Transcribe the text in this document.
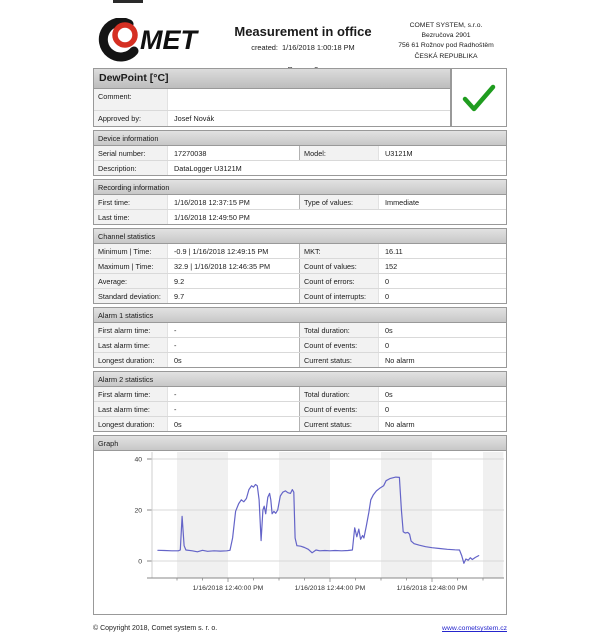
MET	Measurement in office
created: 1/16/2018 1:00:18 PM
COMET SYSTEM, s.r.o.
Bezručova 2901
756 61 Rožnov pod Radhoštěm
ČESKÁ REPUBLIKA
DewPoint [°C]
Comment:
Approved by:	Josef Novák
Device information
Serial number:	17270038	Model:	U3121M
Description:	DataLogger U3121M
Recording information
First time:	1/16/2018 12:37:15 PM	Type of values:	Immediate
Last time:	1/16/2018 12:49:50 PM
Channel statistics
Minimum | Time:	-0.9 | 1/16/2018 12:49:15 PM	MKT:	16.11
Maximum | Time:	32.9 | 1/16/2018 12:46:35 PM	Count of values:	152
Average:	9.2	Count of errors:	0
Standard deviation:	9.7	Count of interrupts:	0
Alarm 1 statistics
First alarm time:	-	Total duration:	0s
Last alarm time:	-	Count of events:	0
Longest duration:	0s	Current status:	No alarm
Alarm 2 statistics
First alarm time:	-	Total duration:	0s
Last alarm time:	-	Count of events:	0
Longest duration:	0s	Current status:	No alarm
Graph
0
20
40
1/16/2018 12:40:00 PM	1/16/2018 12:44:00 PM	1/16/2018 12:48:00 PM
© Copyright 2018, Comet system s. r. o.	www.cometsystem.cz
